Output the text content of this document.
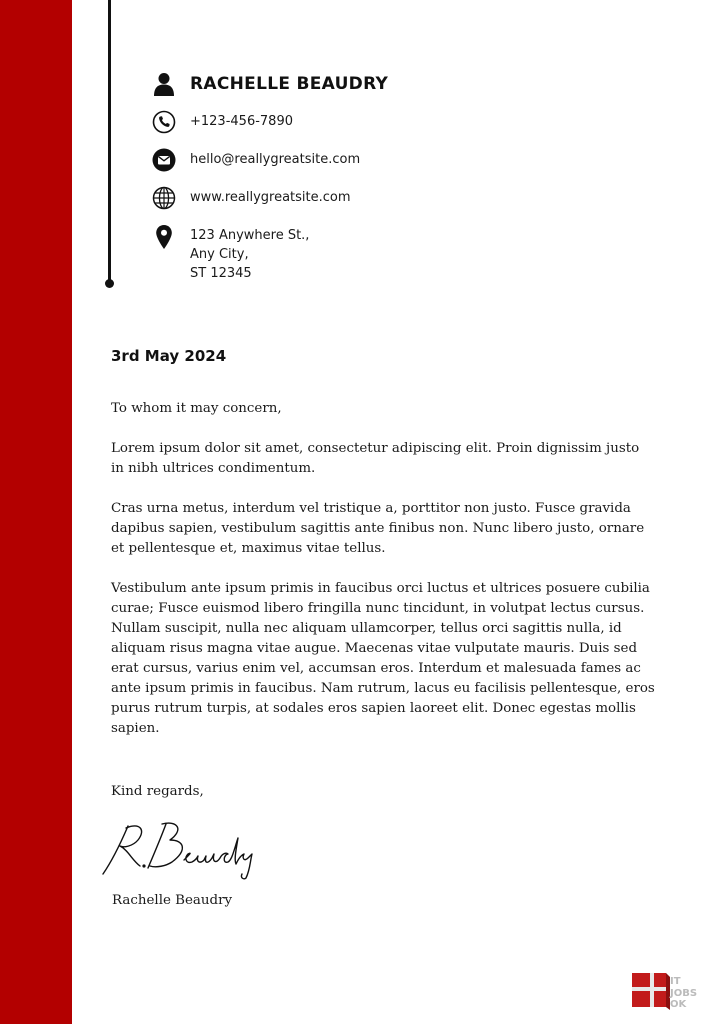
RACHELLE BEAUDRY
+123-456-7890
hello@reallygreatsite.com
www.reallygreatsite.com
123 Anywhere St.,
Any City,
ST 12345
3rd May 2024

To whom it may concern,

Lorem ipsum dolor sit amet, consectetur adipiscing elit. Proin dignissim justo in nibh ultrices condimentum.

Cras urna metus, interdum vel tristique a, porttitor non justo. Fusce gravida dapibus sapien, vestibulum sagittis ante finibus non. Nunc libero justo, ornare et pellentesque et, maximus vitae tellus.

Vestibulum ante ipsum primis in faucibus orci luctus et ultrices posuere cubilia curae; Fusce euismod libero fringilla nunc tincidunt, in volutpat lectus cursus. Nullam suscipit, nulla nec aliquam ullamcorper, tellus orci sagittis nulla, id aliquam risus magna vitae augue. Maecenas vitae vulputate mauris. Duis sed erat cursus, varius enim vel, accumsan eros. Interdum et malesuada fames ac ante ipsum primis in faucibus. Nam rutrum, lacus eu facilisis pellentesque, eros purus rutrum turpis, at sodales eros sapien laoreet elit. Donec egestas mollis sapien.

Kind regards,
Rachelle Beaudry
IT
JOBS
OK
